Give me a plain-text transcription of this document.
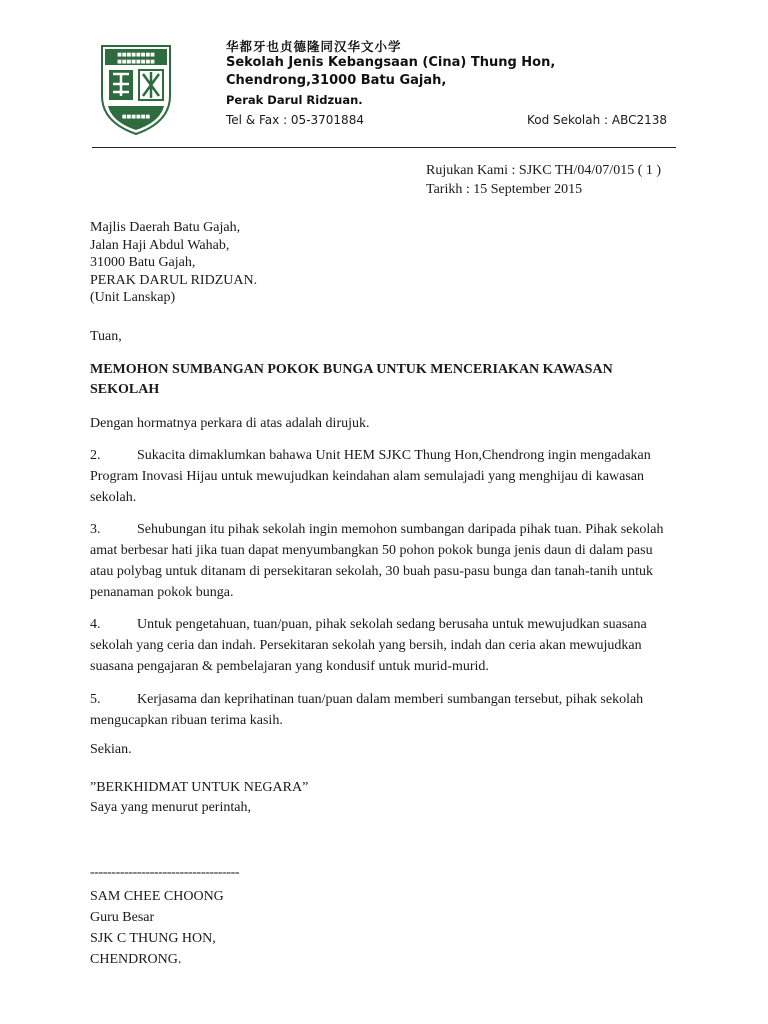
■■■■■■■■
■■■■■■■■
■■■■■■
华都牙也贞德隆同汉华文小学
Sekolah Jenis Kebangsaan (Cina) Thung Hon,
Chendrong,31000 Batu Gajah,
Perak Darul Ridzuan.
Tel & Fax : 05-3701884	Kod Sekolah : ABC2138
Rujukan Kami : SJKC TH/04/07/015 ( 1 )
Tarikh : 15 September 2015
Majlis Daerah Batu Gajah,
Jalan Haji Abdul Wahab,
31000 Batu Gajah,
PERAK DARUL RIDZUAN.
(Unit Lanskap)
Tuan,
MEMOHON SUMBANGAN POKOK BUNGA UNTUK MENCERIAKAN KAWASAN SEKOLAH
Dengan hormatnya perkara di atas adalah dirujuk.
2.	Sukacita dimaklumkan bahawa Unit HEM SJKC Thung Hon,Chendrong ingin mengadakan Program Inovasi Hijau untuk mewujudkan keindahan alam semulajadi yang menghijau di kawasan sekolah.
3.	Sehubungan itu pihak sekolah ingin memohon sumbangan daripada pihak tuan. Pihak sekolah amat berbesar hati jika tuan dapat menyumbangkan 50 pohon pokok bunga jenis daun di dalam pasu atau polybag untuk ditanam di persekitaran sekolah, 30 buah pasu-pasu bunga dan tanah-tanih untuk penanaman pokok bunga.
4.	Untuk pengetahuan, tuan/puan, pihak sekolah sedang berusaha untuk mewujudkan suasana sekolah yang ceria dan indah. Persekitaran sekolah yang bersih, indah dan ceria akan mewujudkan suasana pengajaran & pembelajaran yang kondusif untuk murid-murid.
5.	Kerjasama dan keprihatinan tuan/puan dalam memberi sumbangan tersebut, pihak sekolah mengucapkan ribuan terima kasih.
Sekian.
”BERKHIDMAT UNTUK NEGARA”
Saya yang menurut perintah,
-----------------------------------
SAM CHEE CHOONG
Guru Besar
SJK C THUNG HON,
CHENDRONG.
